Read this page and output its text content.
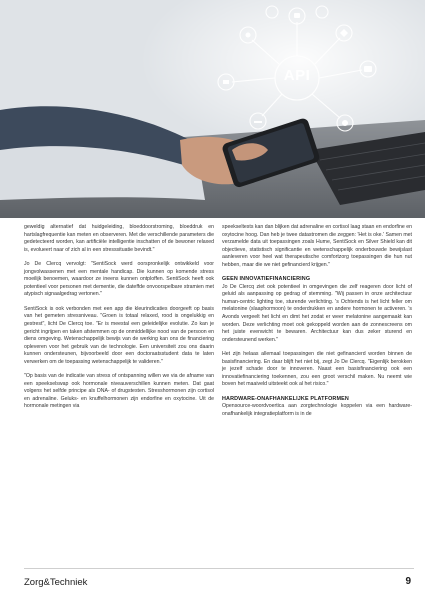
API

geweldig alternatief dat huidgeleiding, bloeddoorstroming, bloeddruk en hartslagfrequentie kan meten en observeren. Met die verschillende parameters die gedetecteerd worden, kan artificiële intelligentie inschatten of de bewoner relaxed is, evolueert naar of zich al in een stresssituatie bevindt."

Jo De Clercq vervolgt: "SentiSock werd oorspronkelijk ontwikkeld voor jongvolwassenen met een mentale handicap. Die kunnen op komende stress moeilijk benoemen, waardoor ze ineens kunnen ontploffen. SentiSock heeft ook potentieel voor personen met dementie, die dateffde onvoorspelbare stramien met atypisch signaalgedrag vertonen."

SentiSock is ook verbonden met een app die kleurindicaties doorgeeft op basis van het gemeten stressniveau. "Groen is totaal relaxed, rood is ongelukkig en gestrest", licht De Clercq toe. "Er is meestal een geleidelijke evolutie. Zo kan je gericht ingrijpen en taken afstemmen op de onmiddellijke nood van de persoon en diens omgeving. Wetenschappelijk bewijs van de werking kan ons de financiering opleveren voor het gebruik van de technologie. Een universiteit zou ons daarin kunnen ondersteunen, bijvoorbeeld door een doctoraatsstudent data te laten verwerken om de toepassing wetenschappelijk te valideren."

"Op basis van de indicatie van stress of ontspanning willen we via de afname van een speekselswap ook hormonale niveauverschillen kunnen meten. Dat gaat volgens het selfde principe als DNA- of drugstesten. Stresshormonen zijn cortisol en adrenaline. Geluks- en knuffelhormonen zijn endorfine en oxytocine. Uit de hormonale metingen via

speekseltests kan dan blijken dat adrenaline en cortisol laag staan en endorfine en oxytocine hoog. Dan heb je twee datastromen die zeggen: 'Het is oke.' Samen met verzamelde data uit toepassingen zoals Hume, SentiSock en Silver Shield kan dit objectieve, statistisch significantie en wetenschappelijk onderbouwde bewijslast aanleveren voor heel wat therapeutische comfortzorg toepassingen die hun nut hebben, maar die we niet gefinancierd krijgen."

GEEN INNOVATIEFINANCIERING

Jo De Clercq ziet ook potentieel in omgevingen die zelf reageren door licht of geluid als aanpassing op gedrag of stemming. "Wij passen in onze architectuur human-centric lighting toe, sturende verlichting. 's Ochtends is het licht feller om melatonine (slaaphormoon) te onderdrukken en andere hormonen te activeren. 's Avonds vergeelt het licht en dimt het zodat er weer melatonine aangemaakt kan worden. Deze verlichting moet ook gekoppeld worden aan de zonnescreens om het juiste evenwicht te bewaren. Architectuur kan dus zeker sturend en ondersteunend werken."

Het zijn helaas allemaal toepassingen die niet gefinancierd worden binnen de basisfinanciering. En daar blijft het niet bij, zegt Jo De Clercq. "Eigenlijk berokken je jezelf schade door te innoveren. Naast een basisfinanciering ook een innovatiefinanciering toekennen, zou een groot verschil maken. Nu neemt wie boven het maaiveld uitsteekt ook al het risico."

HARDWARE-ONAFHANKELIJKE PLATFORMEN

Opensource-woordvoertica aan zorgtechnologie koppelen via een hardware-onafhankelijk integratieplatform is in de

Zorg&Techniek	9
